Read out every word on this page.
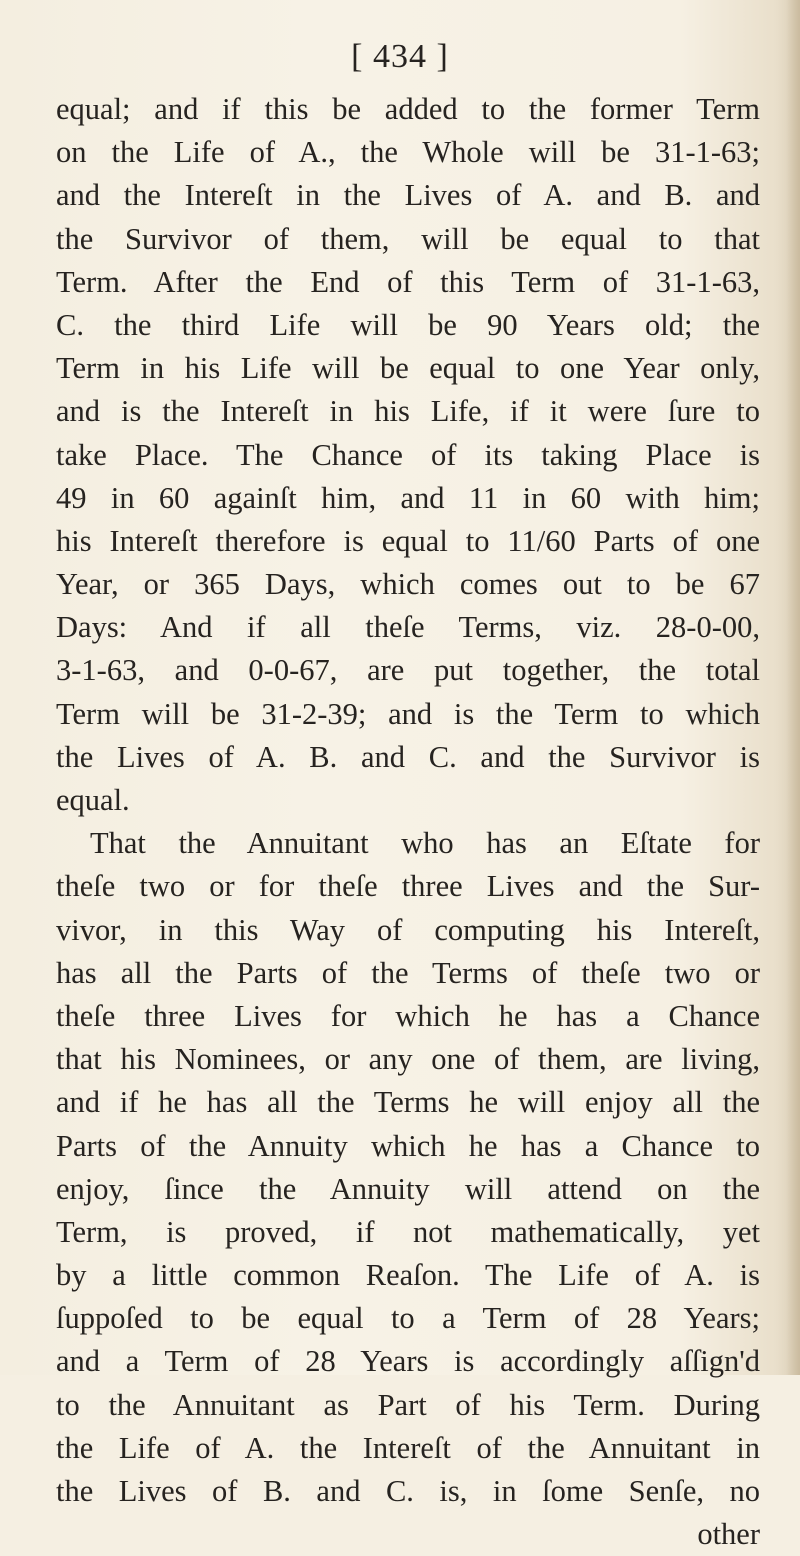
[ 434 ]
equal; and if this be added to the former Term
on the Life of A., the Whole will be 31-1-63;
and the Intereſt in the Lives of A. and B. and
the Survivor of them, will be equal to that
Term. After the End of this Term of 31-1-63,
C. the third Life will be 90 Years old; the
Term in his Life will be equal to one Year only,
and is the Intereſt in his Life, if it were ſure to
take Place. The Chance of its taking Place is
49 in 60 againſt him, and 11 in 60 with him;
his Intereſt therefore is equal to 11/60 Parts of one
Year, or 365 Days, which comes out to be 67
Days: And if all theſe Terms, viz. 28-0-00,
3-1-63, and 0-0-67, are put together, the total
Term will be 31-2-39; and is the Term to which
the Lives of A. B. and C. and the Survivor is
equal.
That the Annuitant who has an Eſtate for
theſe two or for theſe three Lives and the Sur-
vivor, in this Way of computing his Intereſt,
has all the Parts of the Terms of theſe two or
theſe three Lives for which he has a Chance
that his Nominees, or any one of them, are living,
and if he has all the Terms he will enjoy all the
Parts of the Annuity which he has a Chance to
enjoy, ſince the Annuity will attend on the
Term, is proved, if not mathematically, yet
by a little common Reaſon. The Life of A. is
ſuppoſed to be equal to a Term of 28 Years;
and a Term of 28 Years is accordingly aſſign'd
to the Annuitant as Part of his Term. During
the Life of A. the Intereſt of the Annuitant in
the Lives of B. and C. is, in ſome Senſe, no
other
